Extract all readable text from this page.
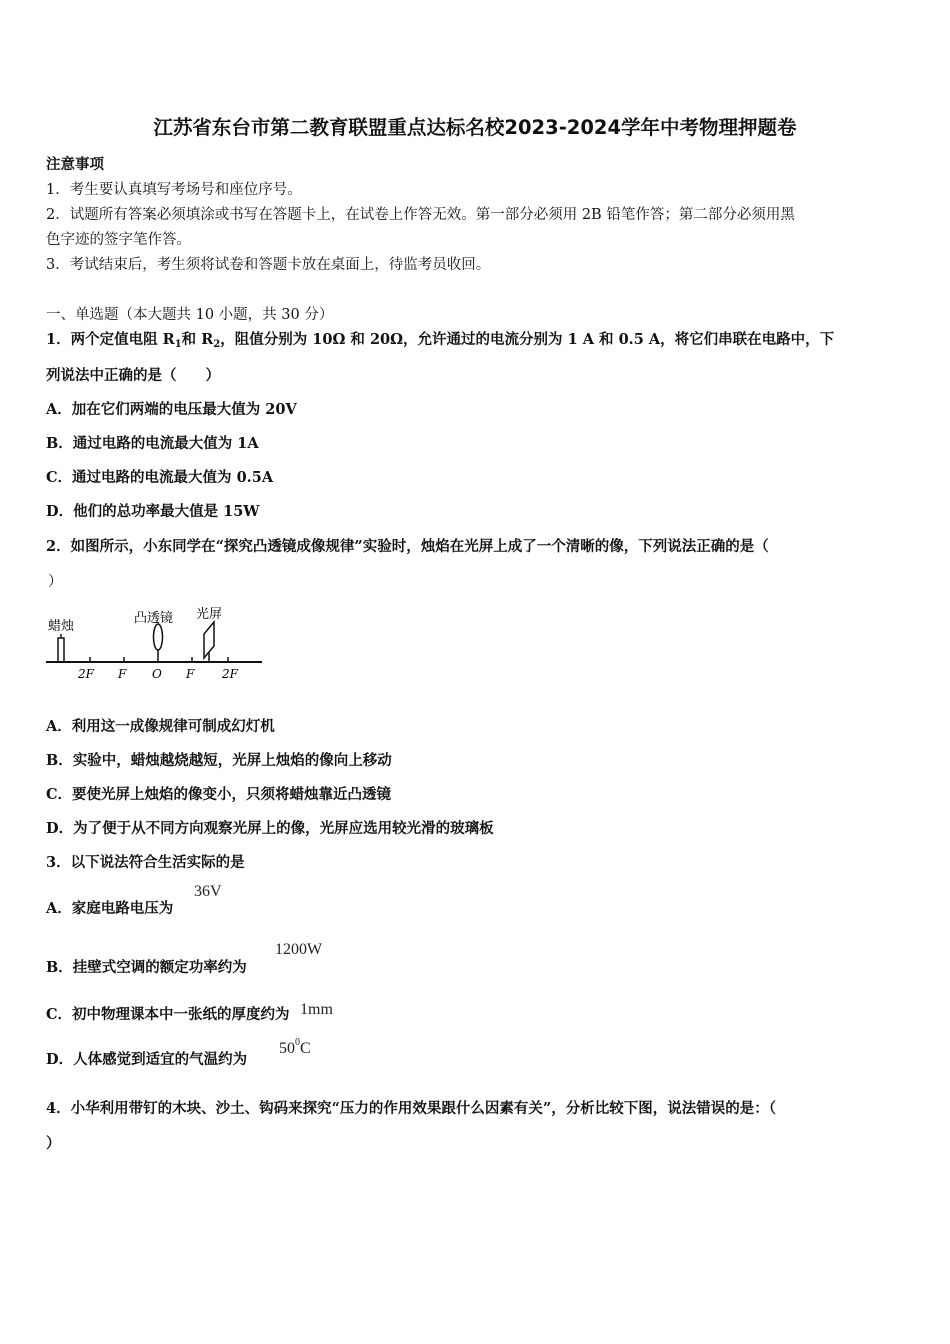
江苏省东台市第二教育联盟重点达标名校2023-2024学年中考物理押题卷
注意事项
1．考生要认真填写考场号和座位序号。
2．试题所有答案必须填涂或书写在答题卡上，在试卷上作答无效。第一部分必须用 2B 铅笔作答；第二部分必须用黑
色字迹的签字笔作答。
3．考试结束后，考生须将试卷和答题卡放在桌面上，待监考员收回。
一、单选题（本大题共 10 小题，共 30 分）
1．两个定值电阻 $R_1$和 $R_2$，阻值分别为 10Ω 和 20Ω，允许通过的电流分别为 1 A 和 0.5 A，将它们串联在电路中，下
列说法中正确的是（　　）
A．加在它们两端的电压最大值为 20V
B．通过电路的电流最大值为 1A
C．通过电路的电流最大值为 0.5A
D．他们的总功率最大值是 15W
2．如图所示，小东同学在“探究凸透镜成像规律”实验时，烛焰在光屏上成了一个清晰的像，下列说法正确的是（
）
蜡烛
凸透镜 光屏
2F F O F 2F
A．利用这一成像规律可制成幻灯机
B．实验中，蜡烛越烧越短，光屏上烛焰的像向上移动
C．要使光屏上烛焰的像变小，只须将蜡烛靠近凸透镜
D．为了便于从不同方向观察光屏上的像，光屏应选用较光滑的玻璃板
3．以下说法符合生活实际的是
A．家庭电路电压为
36V
B．挂壁式空调的额定功率约为
1200W
C．初中物理课本中一张纸的厚度约为 1mm
D．人体感觉到适宜的气温约为
$50^0C$
4．小华利用带钉的木块、沙土、钩码来探究“压力的作用效果跟什么因素有关”，分析比较下图，说法错误的是：（
）
